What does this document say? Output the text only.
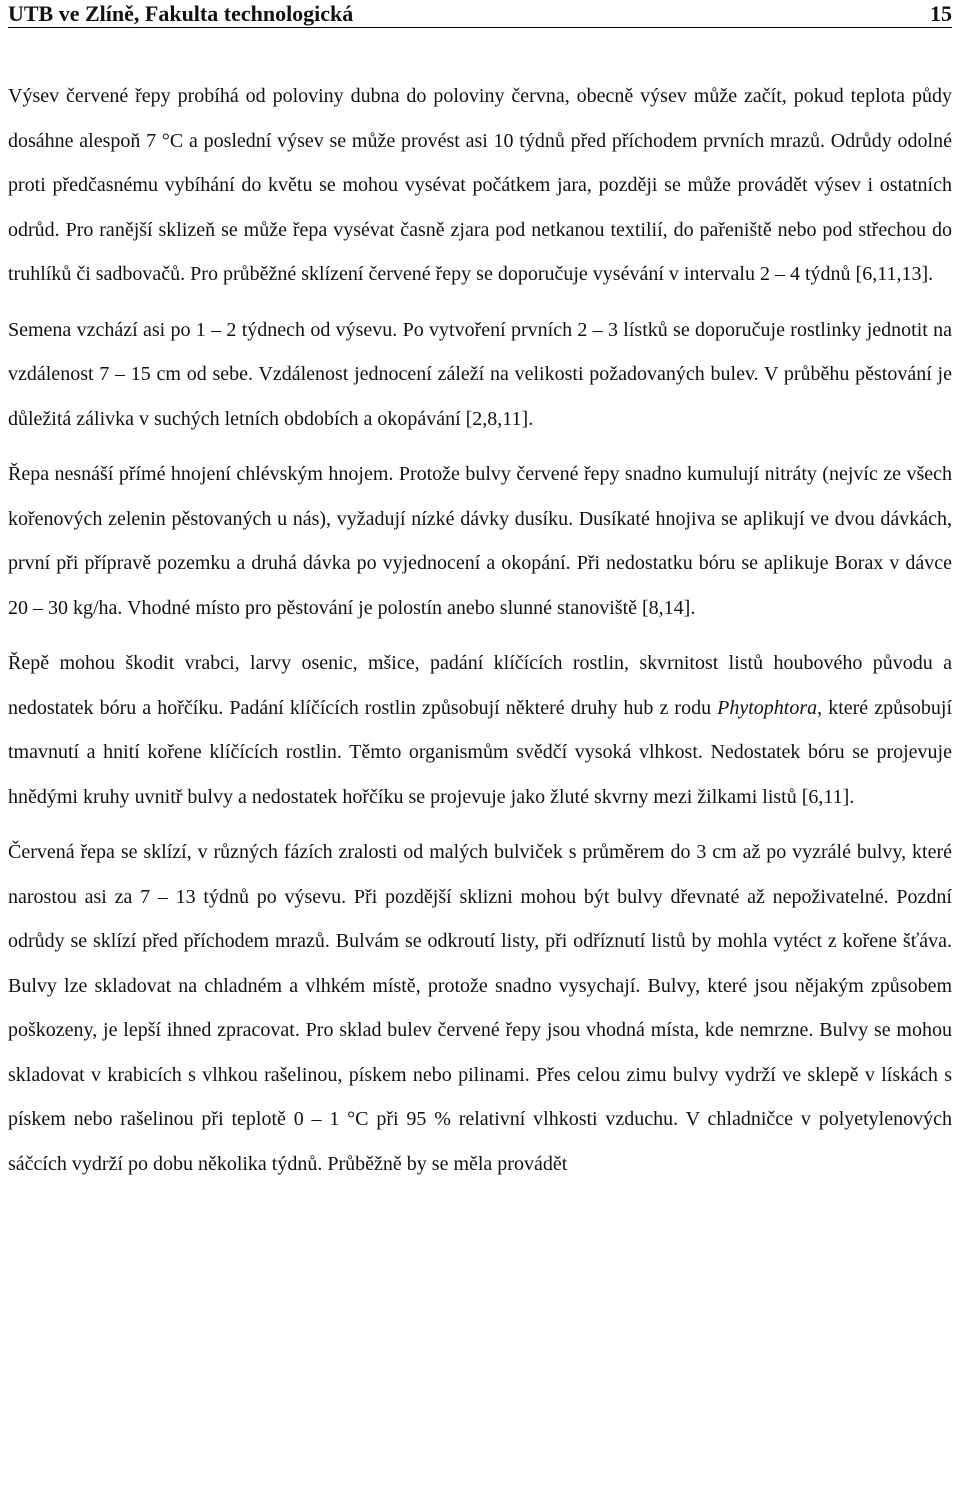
UTB ve Zlíně, Fakulta technologická	15

Výsev červené řepy probíhá od poloviny dubna do poloviny června, obecně výsev může začít, pokud teplota půdy dosáhne alespoň 7 °C a poslední výsev se může provést asi 10 týdnů před příchodem prvních mrazů. Odrůdy odolné proti předčasnému vybíhání do květu se mohou vysévat počátkem jara, později se může provádět výsev i ostatních odrůd. Pro ranější sklizeň se může řepa vysévat časně zjara pod netkanou textilií, do pařeniště nebo pod střechou do truhlíků či sadbovačů. Pro průběžné sklízení červené řepy se doporučuje vysévání v intervalu 2 – 4 týdnů [6,11,13].

Semena vzchází asi po 1 – 2 týdnech od výsevu. Po vytvoření prvních 2 – 3 lístků se doporučuje rostlinky jednotit na vzdálenost 7 – 15 cm od sebe. Vzdálenost jednocení záleží na velikosti požadovaných bulev. V průběhu pěstování je důležitá zálivka v suchých letních obdobích a okopávání [2,8,11].

Řepa nesnáší přímé hnojení chlévským hnojem. Protože bulvy červené řepy snadno kumulují nitráty (nejvíc ze všech kořenových zelenin pěstovaných u nás), vyžadují nízké dávky dusíku. Dusíkaté hnojiva se aplikují ve dvou dávkách, první při přípravě pozemku a druhá dávka po vyjednocení a okopání. Při nedostatku bóru se aplikuje Borax v dávce 20 – 30 kg/ha. Vhodné místo pro pěstování je polostín anebo slunné stanoviště [8,14].

Řepě mohou škodit vrabci, larvy osenic, mšice, padání klíčících rostlin, skvrnitost listů houbového původu a nedostatek bóru a hořčíku. Padání klíčících rostlin způsobují některé druhy hub z rodu Phytophtora, které způsobují tmavnutí a hnití kořene klíčících rostlin. Těmto organismům svědčí vysoká vlhkost. Nedostatek bóru se projevuje hnědými kruhy uvnitř bulvy a nedostatek hořčíku se projevuje jako žluté skvrny mezi žilkami listů [6,11].

Červená řepa se sklízí, v různých fázích zralosti od malých bulviček s průměrem do 3 cm až po vyzrálé bulvy, které narostou asi za 7 – 13 týdnů po výsevu. Při pozdější sklizni mohou být bulvy dřevnaté až nepoživatelné. Pozdní odrůdy se sklízí před příchodem mrazů. Bulvám se odkroutí listy, při odříznutí listů by mohla vytéct z kořene šťáva. Bulvy lze skladovat na chladném a vlhkém místě, protože snadno vysychají. Bulvy, které jsou nějakým způsobem poškozeny, je lepší ihned zpracovat. Pro sklad bulev červené řepy jsou vhodná místa, kde nemrzne. Bulvy se mohou skladovat v krabicích s vlhkou rašelinou, pískem nebo pilinami. Přes celou zimu bulvy vydrží ve sklepě v lískách s pískem nebo rašelinou při teplotě 0 – 1 °C při 95 % relativní vlhkosti vzduchu. V chladničce v polyetylenových sáčcích vydrží po dobu několika týdnů. Průběžně by se měla provádět
